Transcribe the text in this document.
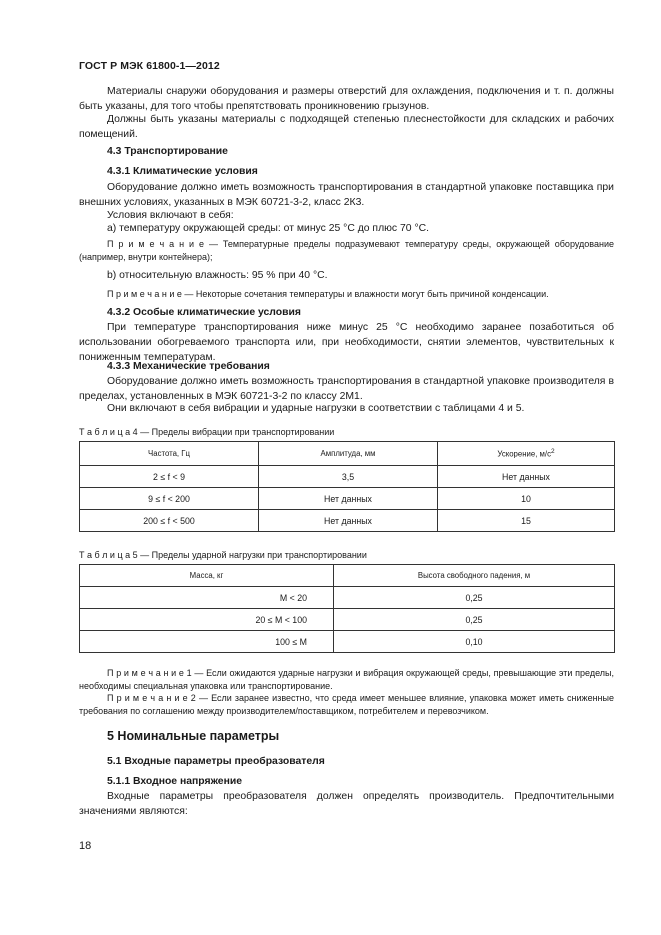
ГОСТ Р МЭК 61800-1—2012
Материалы снаружи оборудования и размеры отверстий для охлаждения, подключения и т. п. должны быть указаны, для того чтобы препятствовать проникновению грызунов.
Должны быть указаны материалы с подходящей степенью плеснестойкости для складских и рабочих помещений.
4.3 Транспортирование
4.3.1 Климатические условия
Оборудование должно иметь возможность транспортирования в стандартной упаковке поставщика при внешних условиях, указанных в МЭК 60721-3-2, класс 2К3.
Условия включают в себя:
a) температуру окружающей среды: от минус 25 °С до плюс 70 °С.
П р и м е ч а н и е — Температурные пределы подразумевают температуру среды, окружающей оборудование (например, внутри контейнера);
b) относительную влажность: 95 % при 40 °С.
П р и м е ч а н и е — Некоторые сочетания температуры и влажности могут быть причиной конденсации.
4.3.2 Особые климатические условия
При температуре транспортирования ниже минус 25 °С необходимо заранее позаботиться об использовании обогреваемого транспорта или, при необходимости, снятии элементов, чувствительных к пониженным температурам.
4.3.3 Механические требования
Оборудование должно иметь возможность транспортирования в стандартной упаковке производителя в пределах, установленных в МЭК 60721-3-2 по классу 2М1.
Они включают в себя вибрации и ударные нагрузки в соответствии с таблицами 4 и 5.
Т а б л и ц а 4 — Пределы вибрации при транспортировании
Частота, Гц	Амплитуда, мм	Ускорение, $м/с^2$
2 ≤ f < 9	3,5	Нет данных
9 ≤ f < 200	Нет данных	10
200 ≤ f < 500	Нет данных	15
Т а б л и ц а 5 — Пределы ударной нагрузки при транспортировании
Масса, кг	Высота свободного падения, м
M < 20	0,25
20 ≤ M < 100	0,25
100 ≤ M	0,10
П р и м е ч а н и е 1 — Если ожидаются ударные нагрузки и вибрация окружающей среды, превышающие эти пределы, необходимы специальная упаковка или транспортирование.
П р и м е ч а н и е 2 — Если заранее известно, что среда имеет меньшее влияние, упаковка может иметь сниженные требования по соглашению между производителем/поставщиком, потребителем и перевозчиком.
5 Номинальные параметры
5.1 Входные параметры преобразователя
5.1.1 Входное напряжение
Входные параметры преобразователя должен определять производитель. Предпочтительными значениями являются:
18
